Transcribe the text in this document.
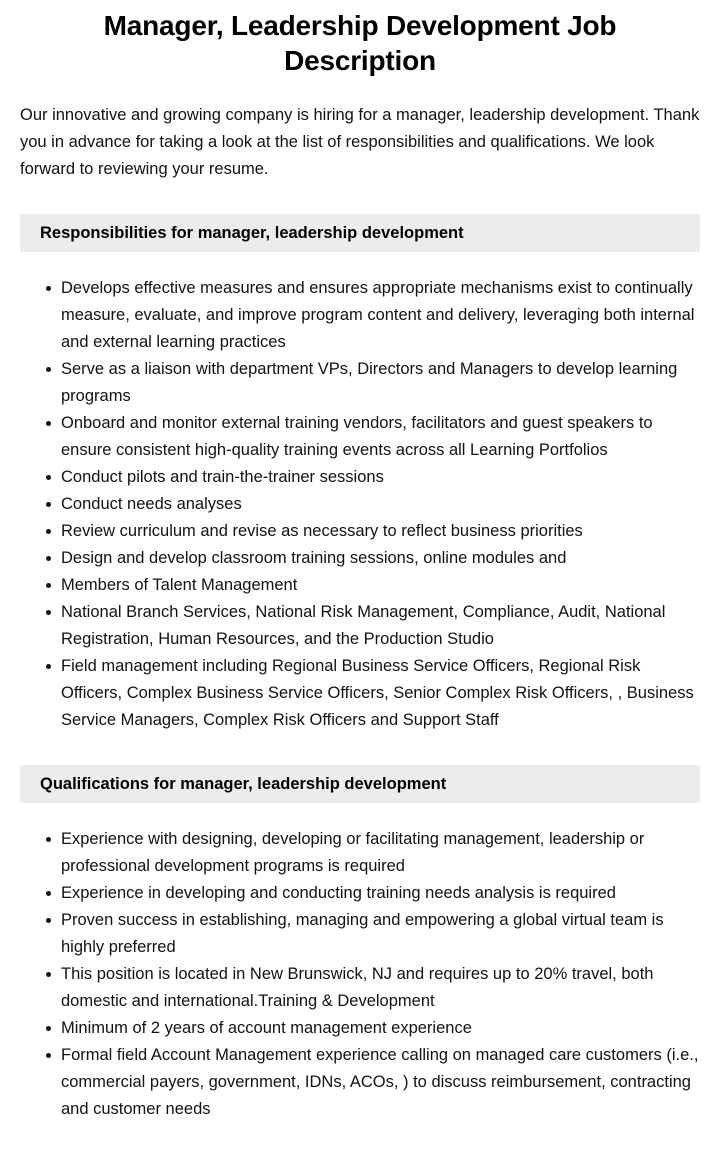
Manager, Leadership Development Job Description

Our innovative and growing company is hiring for a manager, leadership development. Thank you in advance for taking a look at the list of responsibilities and qualifications. We look forward to reviewing your resume.

Responsibilities for manager, leadership development
Develops effective measures and ensures appropriate mechanisms exist to continually measure, evaluate, and improve program content and delivery, leveraging both internal and external learning practices
Serve as a liaison with department VPs, Directors and Managers to develop learning programs
Onboard and monitor external training vendors, facilitators and guest speakers to ensure consistent high-quality training events across all Learning Portfolios
Conduct pilots and train-the-trainer sessions
Conduct needs analyses
Review curriculum and revise as necessary to reflect business priorities
Design and develop classroom training sessions, online modules and
Members of Talent Management
National Branch Services, National Risk Management, Compliance, Audit, National Registration, Human Resources, and the Production Studio
Field management including Regional Business Service Officers, Regional Risk Officers, Complex Business Service Officers, Senior Complex Risk Officers, , Business Service Managers, Complex Risk Officers and Support Staff
Qualifications for manager, leadership development
Experience with designing, developing or facilitating management, leadership or professional development programs is required
Experience in developing and conducting training needs analysis is required
Proven success in establishing, managing and empowering a global virtual team is highly preferred
This position is located in New Brunswick, NJ and requires up to 20% travel, both domestic and international.Training & Development
Minimum of 2 years of account management experience
Formal field Account Management experience calling on managed care customers (i.e., commercial payers, government, IDNs, ACOs, ) to discuss reimbursement, contracting and customer needs
